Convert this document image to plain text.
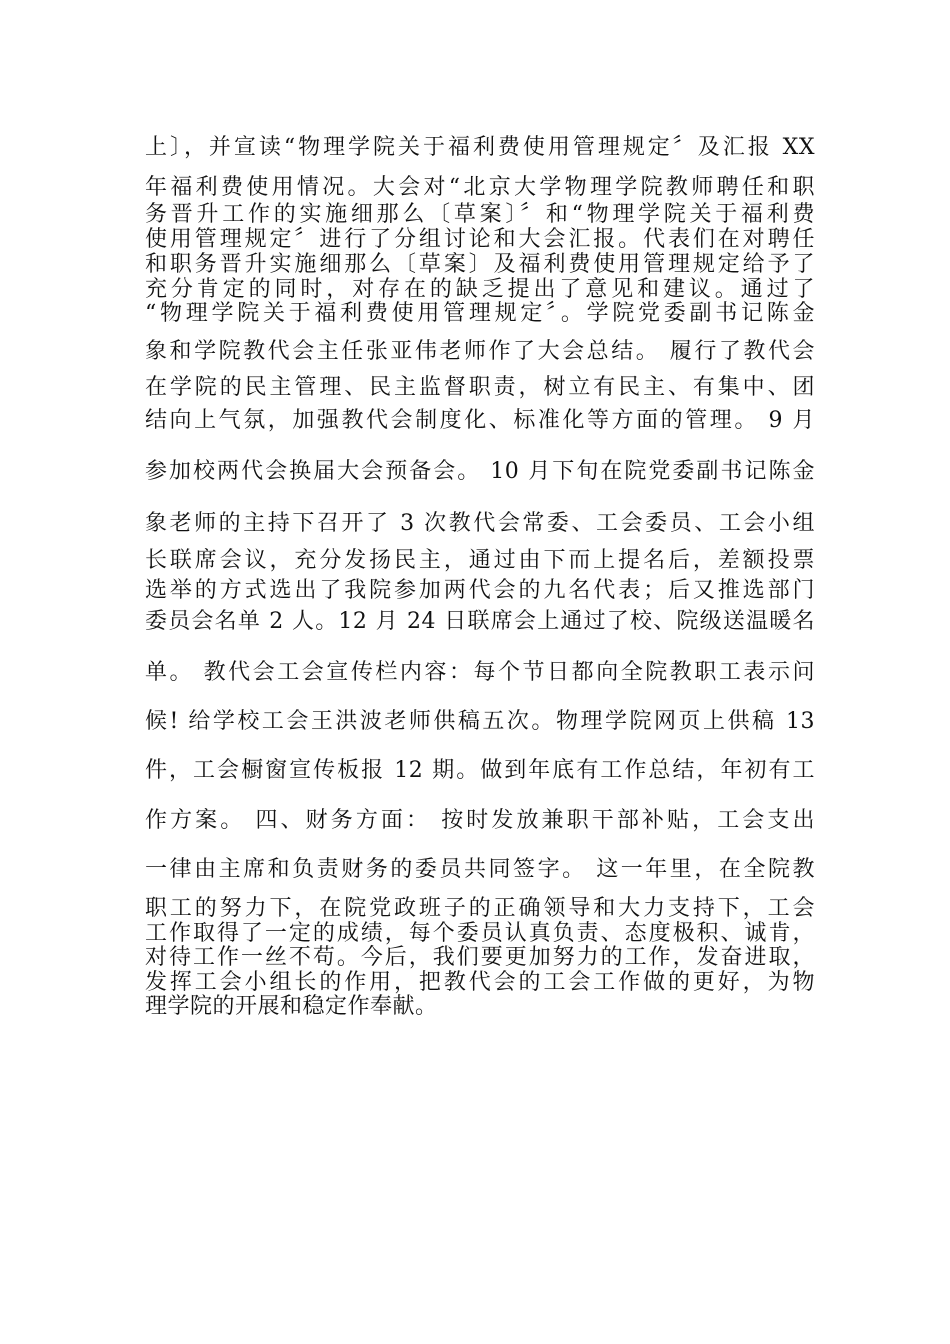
上〕，并宣读“物理学院关于福利费使用管理规定〞及汇报 XX
年福利费使用情况。大会对“北京大学物理学院教师聘任和职
务晋升工作的实施细那么〔草案〕〞和“物理学院关于福利费
使用管理规定〞进行了分组讨论和大会汇报。代表们在对聘任
和职务晋升实施细那么〔草案〕及福利费使用管理规定给予了
充分肯定的同时，对存在的缺乏提出了意见和建议。通过了
“物理学院关于福利费使用管理规定〞。学院党委副书记陈金
象和学院教代会主任张亚伟老师作了大会总结。 履行了教代会
在学院的民主管理、民主监督职责，树立有民主、有集中、团
结向上气氛，加强教代会制度化、标准化等方面的管理。 9 月
参加校两代会换届大会预备会。 10 月下旬在院党委副书记陈金
象老师的主持下召开了 3 次教代会常委、工会委员、工会小组
长联席会议，充分发扬民主，通过由下而上提名后，差额投票
选举的方式选出了我院参加两代会的九名代表；后又推选部门
委员会名单 2 人。12 月 24 日联席会上通过了校、院级送温暖名
单。 教代会工会宣传栏内容：每个节日都向全院教职工表示问
候! 给学校工会王洪波老师供稿五次。物理学院网页上供稿 13
件，工会橱窗宣传板报 12 期。做到年底有工作总结，年初有工
作方案。 四、财务方面： 按时发放兼职干部补贴，工会支出
一律由主席和负责财务的委员共同签字。 这一年里，在全院教
职工的努力下，在院党政班子的正确领导和大力支持下，工会
工作取得了一定的成绩，每个委员认真负责、态度极积、诚肯，
对待工作一丝不苟。今后，我们要更加努力的工作，发奋进取，
发挥工会小组长的作用，把教代会的工会工作做的更好，为物
理学院的开展和稳定作奉献。
